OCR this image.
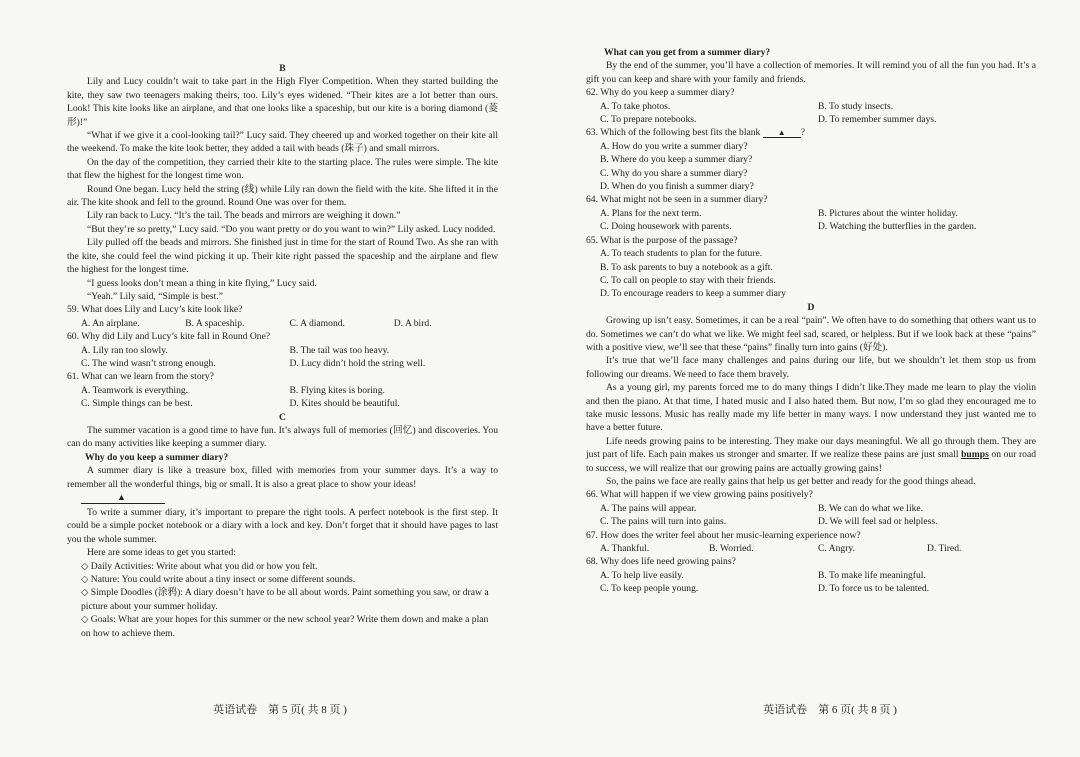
B

Lily and Lucy couldn’t wait to take part in the High Flyer Competition. When they started building the kite, they saw two teenagers making theirs, too. Lily’s eyes widened. “Their kites are a lot better than ours. Look! This kite looks like an airplane, and that one looks like a spaceship, but our kite is a boring diamond (菱形)!”

“What if we give it a cool-looking tail?” Lucy said. They cheered up and worked together on their kite all the weekend. To make the kite look better, they added a tail with beads (珠子) and small mirrors.

On the day of the competition, they carried their kite to the starting place. The rules were simple. The kite that flew the highest for the longest time won.

Round One began. Lucy held the string (线) while Lily ran down the field with the kite. She lifted it in the air. The kite shook and fell to the ground. Round One was over for them.

Lily ran back to Lucy. “It’s the tail. The beads and mirrors are weighing it down.”

“But they’re so pretty,” Lucy said. “Do you want pretty or do you want to win?” Lily asked. Lucy nodded.

Lily pulled off the beads and mirrors. She finished just in time for the start of Round Two. As she ran with the kite, she could feel the wind picking it up. Their kite right passed the spaceship and the airplane and flew the highest for the longest time.

“I guess looks don’t mean a thing in kite flying,” Lucy said.

“Yeah.” Lily said, “Simple is best.”

59. What does Lily and Lucy’s kite look like?

A. An airplane.	B. A spaceship.	C. A diamond.	D. A bird.

60. Why did Lily and Lucy’s kite fall in Round One?

A. Lily ran too slowly.	B. The tail was too heavy.
C. The wind wasn’t strong enough.	D. Lucy didn’t hold the string well.

61. What can we learn from the story?

A. Teamwork is everything.	B. Flying kites is boring.
C. Simple things can be best.	D. Kites should be beautiful.

C

The summer vacation is a good time to have fun. It’s always full of memories (回忆) and discoveries. You can do many activities like keeping a summer diary.

Why do you keep a summer diary?

A summer diary is like a treasure box, filled with memories from your summer days. It’s a way to remember all the wonderful things, big or small. It is also a great place to show your ideas!

▲

To write a summer diary, it’s important to prepare the right tools. A perfect notebook is the first step. It could be a simple pocket notebook or a diary with a lock and key. Don’t forget that it should have pages to last you the whole summer.

Here are some ideas to get you started:

◇ Daily Activities: Write about what you did or how you felt.

◇ Nature: You could write about a tiny insect or some different sounds.

◇ Simple Doodles (涂鸦): A diary doesn’t have to be all about words. Paint something you saw, or draw a picture about your summer holiday.

◇ Goals: What are your hopes for this summer or the new school year? Write them down and make a plan on how to achieve them.

英语试卷　第 5 页( 共 8 页 )

What can you get from a summer diary?

By the end of the summer, you’ll have a collection of memories. It will remind you of all the fun you had. It’s a gift you can keep and share with your family and friends.

62. Why do you keep a summer diary?

A. To take photos.	B. To study insects.
C. To prepare notebooks.	D. To remember summer days.

63. Which of the following best fits the blank ▲ ?

A. How do you write a summer diary?
B. Where do you keep a summer diary?
C. Why do you share a summer diary?
D. When do you finish a summer diary?

64. What might not be seen in a summer diary?

A. Plans for the next term.	B. Pictures about the winter holiday.
C. Doing housework with parents.	D. Watching the butterflies in the garden.

65. What is the purpose of the passage?

A. To teach students to plan for the future.
B. To ask parents to buy a notebook as a gift.
C. To call on people to stay with their friends.
D. To encourage readers to keep a summer diary

D

Growing up isn’t easy. Sometimes, it can be a real “pain”. We often have to do something that others want us to do. Sometimes we can’t do what we like. We might feel sad, scared, or helpless. But if we look back at these “pains” with a positive view, we’ll see that these “pains” finally turn into gains (好处).

It’s true that we’ll face many challenges and pains during our life, but we shouldn’t let them stop us from following our dreams. We need to face them bravely.

As a young girl, my parents forced me to do many things I didn’t like.They made me learn to play the violin and then the piano. At that time, I hated music and I also hated them. But now, I’m so glad they encouraged me to take music lessons. Music has really made my life better in many ways. I now understand they just wanted me to have a better future.

Life needs growing pains to be interesting. They make our days meaningful. We all go through them. They are just part of life. Each pain makes us stronger and smarter. If we realize these pains are just small bumps on our road to success, we will realize that our growing pains are actually growing gains!

So, the pains we face are really gains that help us get better and ready for the good things ahead.

66. What will happen if we view growing pains positively?

A. The pains will appear.	B. We can do what we like.
C. The pains will turn into gains.	D. We will feel sad or helpless.

67. How does the writer feel about her music-learning experience now?

A. Thankful.	B. Worried.	C. Angry.	D. Tired.

68. Why does life need growing pains?

A. To help live easily.	B. To make life meaningful.
C. To keep people young.	D. To force us to be talented.
英语试卷　第 6 页( 共 8 页 )
